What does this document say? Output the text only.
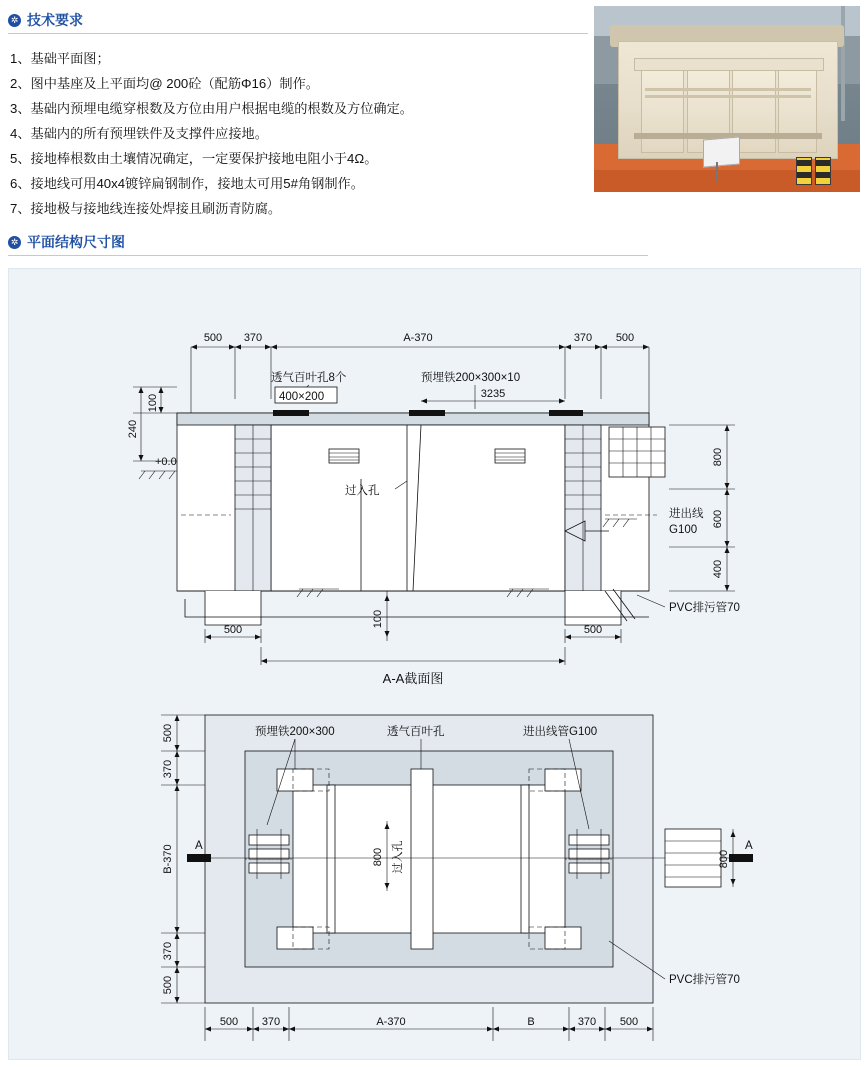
✲ 技术要求
1、基础平面图；
2、图中基座及上平面均@ 200砼（配筋Φ16）制作。
3、基础内预埋电缆穿根数及方位由用户根据电缆的根数及方位确定。
4、基础内的所有预埋铁件及支撑件应接地。
5、接地棒根数由土壤情况确定，一定要保护接地电阻小于4Ω。
6、接地线可用40x4镀锌扁钢制作，接地太可用5#角钢制作。
7、接地极与接地线连接处焊接且刷沥青防腐。
✲ 平面结构尺寸图
500 370	A-370	370 500
240
100
+0.0
透气百叶孔8个
400×200
预埋铁200×300×10
3235
过入孔
进出线
G100
PVC排污管70
800
600
400
500	500
100
A-A截面图
A	A
800
800 过入孔
预埋铁200×300	透气百叶孔	进出线管G100
PVC排污管70
500
370
B-370
370
500
500 370	A-370	B	370 500
